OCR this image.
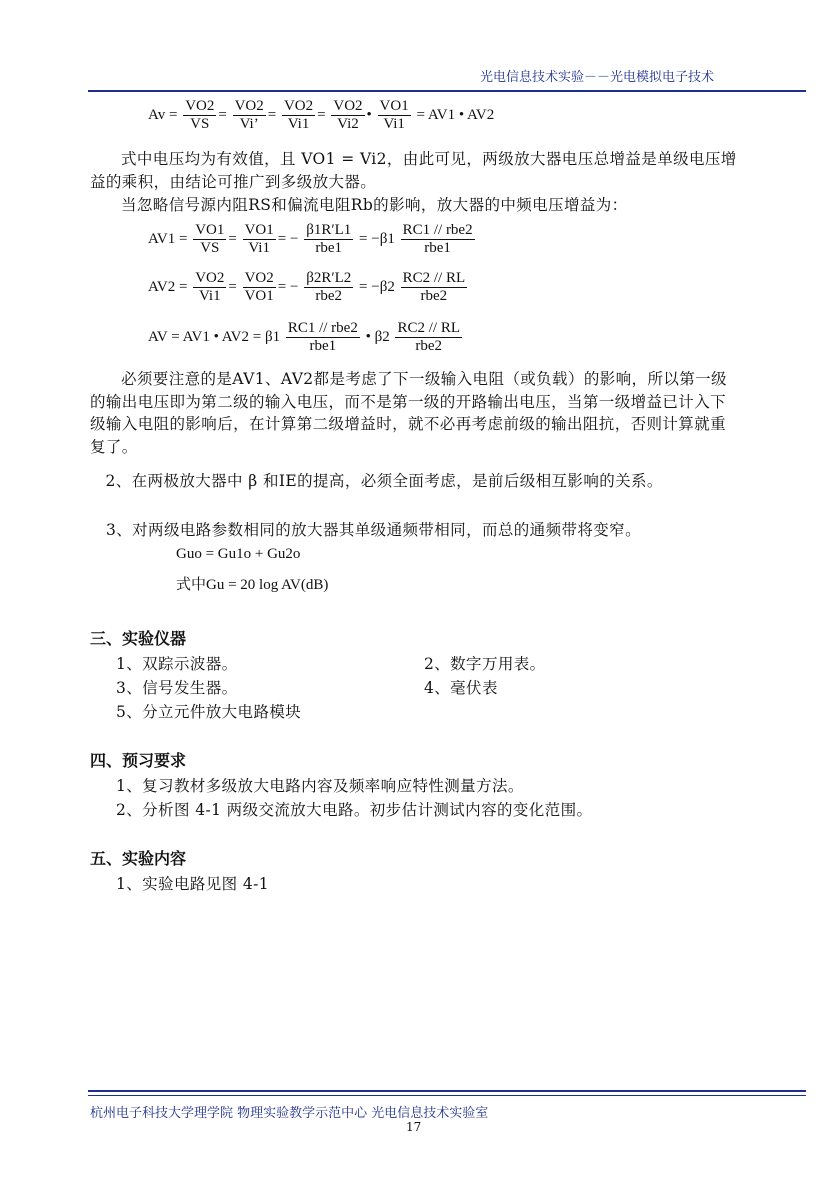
光电信息技术实验－－光电模拟电子技术
$Av = \frac{VO2}{VS} = \frac{VO2}{Vi’} = \frac{VO2}{Vi1} = \frac{VO2}{Vi2}$ • $\frac{VO1}{Vi1} = AV1$ • AV2
式中电压均为有效值，且 VO1 = Vi2，由此可见，两级放大器电压总增益是单级电压增益的乘积，由结论可推广到多级放大器。
当忽略信号源内阻RS和偏流电阻Rb的影响，放大器的中频电压增益为：
$AV1 = \frac{VO1}{VS} = \frac{VO1}{Vi1}$ = − $\frac{\beta 1R'L1}{\text{rbe1}} = -\beta 1 \frac{\text{RC1 // rbe2}}{\text{rbe1}}$
$AV2 = \frac{VO2}{Vi1} = \frac{VO2}{VO1}$ = − $\frac{\beta 2R'L2}{\text{rbe2}} = -\beta 2 \frac{RC2 // RL}{\text{rbe2}}$
AV = AV1 • $AV2 = \beta 1 \frac{\text{RC1 // rbe2}}{\text{rbe1}}$ • $\beta 2 \frac{RC2 // RL}{\text{rbe2}}$
必须要注意的是AV1、AV2都是考虑了下一级输入电阻（或负载）的影响，所以第一级的输出电压即为第二级的输入电压，而不是第一级的开路输出电压，当第一级增益已计入下级输入电阻的影响后，在计算第二级增益时，就不必再考虑前级的输出阻抗，否则计算就重复了。
2、在两极放大器中 β 和IE的提高，必须全面考虑，是前后级相互影响的关系。
3、对两级电路参数相同的放大器其单级通频带相同，而总的通频带将变窄。
Guo = Gu1o + Gu2o
式中Gu = 20 log AV(dB)
三、实验仪器
1、双踪示波器。	2、数字万用表。
3、信号发生器。	4、毫伏表
5、分立元件放大电路模块
四、预习要求
1、复习教材多级放大电路内容及频率响应特性测量方法。
2、分析图 4-1 两级交流放大电路。初步估计测试内容的变化范围。
五、实验内容
1、实验电路见图 4-1
杭州电子科技大学理学院 物理实验教学示范中心 光电信息技术实验室
17
